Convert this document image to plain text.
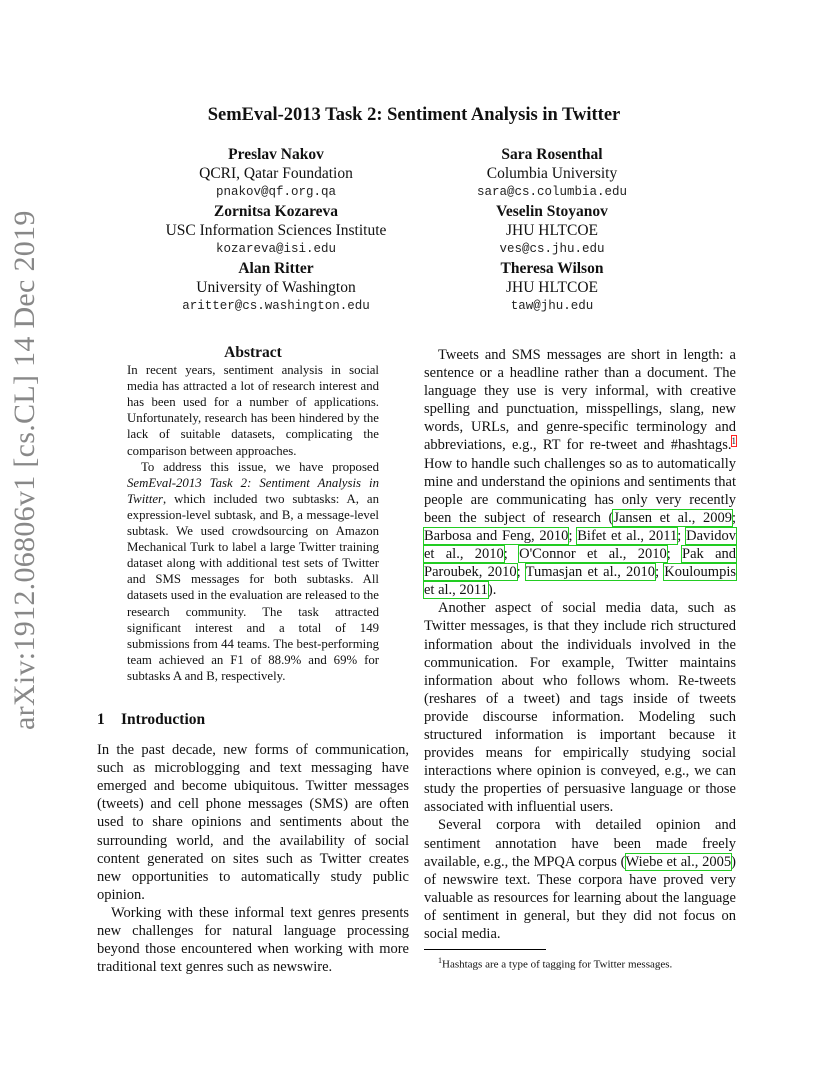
arXiv:1912.06806v1 [cs.CL] 14 Dec 2019
SemEval-2013 Task 2: Sentiment Analysis in Twitter
Preslav Nakov
QCRI, Qatar Foundation
pnakov@qf.org.qa
Zornitsa Kozareva
USC Information Sciences Institute
kozareva@isi.edu
Alan Ritter
University of Washington
aritter@cs.washington.edu
Sara Rosenthal
Columbia University
sara@cs.columbia.edu
Veselin Stoyanov
JHU HLTCOE
ves@cs.jhu.edu
Theresa Wilson
JHU HLTCOE
taw@jhu.edu

Abstract

In recent years, sentiment analysis in social media has attracted a lot of research interest and has been used for a number of applications. Unfortunately, research has been hindered by the lack of suitable datasets, complicating the comparison between approaches.

To address this issue, we have proposed SemEval-2013 Task 2: Sentiment Analysis in Twitter, which included two subtasks: A, an expression-level subtask, and B, a message-level subtask. We used crowdsourcing on Amazon Mechanical Turk to label a large Twitter training dataset along with additional test sets of Twitter and SMS messages for both subtasks. All datasets used in the evaluation are released to the research community. The task attracted significant interest and a total of 149 submissions from 44 teams. The best-performing team achieved an F1 of 88.9% and 69% for subtasks A and B, respectively.

1 Introduction

In the past decade, new forms of communication, such as microblogging and text messaging have emerged and become ubiquitous. Twitter messages (tweets) and cell phone messages (SMS) are often used to share opinions and sentiments about the surrounding world, and the availability of social content generated on sites such as Twitter creates new opportunities to automatically study public opinion.

Working with these informal text genres presents new challenges for natural language processing beyond those encountered when working with more traditional text genres such as newswire.

Tweets and SMS messages are short in length: a sentence or a headline rather than a document. The language they use is very informal, with creative spelling and punctuation, misspellings, slang, new words, URLs, and genre-specific terminology and abbreviations, e.g., RT for re-tweet and #hashtags.$^1$ How to handle such challenges so as to automatically mine and understand the opinions and sentiments that people are communicating has only very recently been the subject of research (Jansen et al., 2009; Barbosa and Feng, 2010; Bifet et al., 2011; Davidov et al., 2010; O'Connor et al., 2010; Pak and Paroubek, 2010; Tumasjan et al., 2010; Kouloumpis et al., 2011).

Another aspect of social media data, such as Twitter messages, is that they include rich structured information about the individuals involved in the communication. For example, Twitter maintains information about who follows whom. Re-tweets (reshares of a tweet) and tags inside of tweets provide discourse information. Modeling such structured information is important because it provides means for empirically studying social interactions where opinion is conveyed, e.g., we can study the properties of persuasive language or those associated with influential users.

Several corpora with detailed opinion and sentiment annotation have been made freely available, e.g., the MPQA corpus (Wiebe et al., 2005) of newswire text. These corpora have proved very valuable as resources for learning about the language of sentiment in general, but they did not focus on social media.

$^1$Hashtags are a type of tagging for Twitter messages.
